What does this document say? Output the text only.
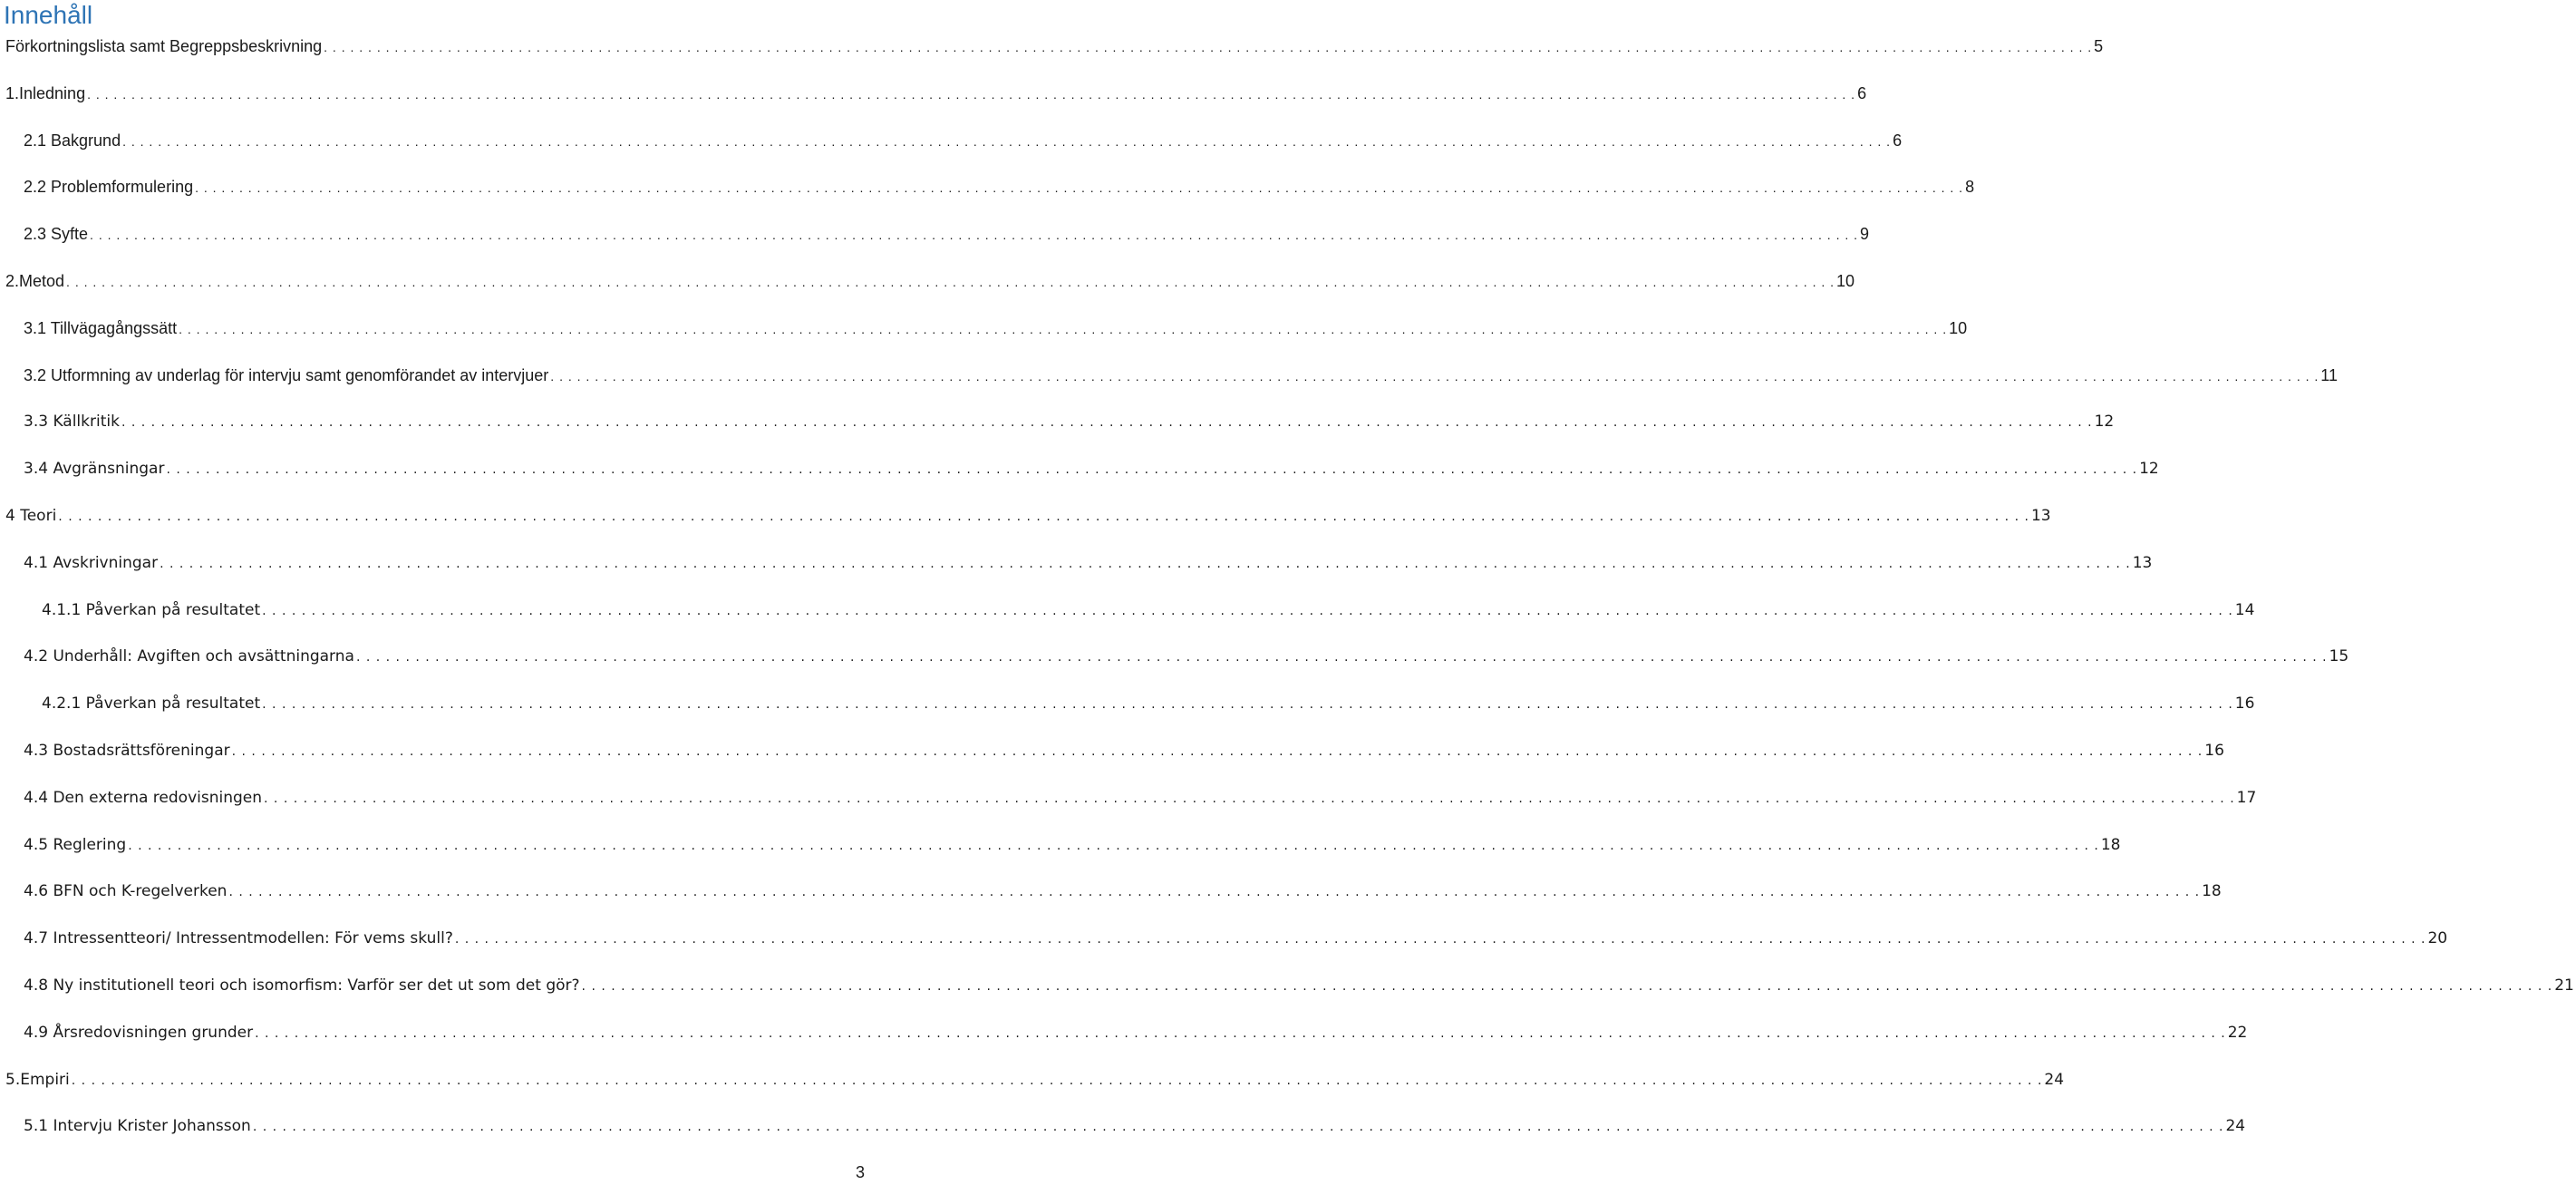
Innehåll
Förkortningslista samt Begreppsbeskrivning . . . . . . . . . . . . . . . . . . . . . . . . . . . . . . . . . . . . . . . . . . . . . . . . . . . . . . . . . . . . . . . . . . . . . . . . . . . . . . . . . . . . . . . . . . . . . . . . . . . . . . . . . . . . . . . . . . . . . . . . . . . . . . . . . . . . . . . . . . . . . . . . . . . . . . . . . . . . . . . . . . . . . . . . . . . . . . . . . . . . . . . . . . . . . . . . . . . . . . . . 5
1. Inledning . . . . . . . . . . . . . . . . . . . . . . . . . . . . . . . . . . . . . . . . . . . . . . . . . . . . . . . . . . . . . . . . . . . . . . . . . . . . . . . . . . . . . . . . . . . . . . . . . . . . . . . . . . . . . . . . . . . . . . . . . . . . . . . . . . . . . . . . . . . . . . . . . . . . . . . . . . . . . . . . . . . . . . . . . . . . . . . . . . . . . . . . . . . . . . . . . . . . . . . . 6
2.1 Bakgrund . . . . . . . . . . . . . . . . . . . . . . . . . . . . . . . . . . . . . . . . . . . . . . . . . . . . . . . . . . . . . . . . . . . . . . . . . . . . . . . . . . . . . . . . . . . . . . . . . . . . . . . . . . . . . . . . . . . . . . . . . . . . . . . . . . . . . . . . . . . . . . . . . . . . . . . . . . . . . . . . . . . . . . . . . . . . . . . . . . . . . . . . . . . . . . . . . . . . . . . . 6
2.2 Problemformulering . . . . . . . . . . . . . . . . . . . . . . . . . . . . . . . . . . . . . . . . . . . . . . . . . . . . . . . . . . . . . . . . . . . . . . . . . . . . . . . . . . . . . . . . . . . . . . . . . . . . . . . . . . . . . . . . . . . . . . . . . . . . . . . . . . . . . . . . . . . . . . . . . . . . . . . . . . . . . . . . . . . . . . . . . . . . . . . . . . . . . . . . . . . . . . . . . . . . . . . . 8
2.3 Syfte . . . . . . . . . . . . . . . . . . . . . . . . . . . . . . . . . . . . . . . . . . . . . . . . . . . . . . . . . . . . . . . . . . . . . . . . . . . . . . . . . . . . . . . . . . . . . . . . . . . . . . . . . . . . . . . . . . . . . . . . . . . . . . . . . . . . . . . . . . . . . . . . . . . . . . . . . . . . . . . . . . . . . . . . . . . . . . . . . . . . . . . . . . . . . . . . . . . . . . . . 9
2. Metod . . . . . . . . . . . . . . . . . . . . . . . . . . . . . . . . . . . . . . . . . . . . . . . . . . . . . . . . . . . . . . . . . . . . . . . . . . . . . . . . . . . . . . . . . . . . . . . . . . . . . . . . . . . . . . . . . . . . . . . . . . . . . . . . . . . . . . . . . . . . . . . . . . . . . . . . . . . . . . . . . . . . . . . . . . . . . . . . . . . . . . . . . . . . . . . . . . . . . . . . 10
3.1 Tillvägagångssätt . . . . . . . . . . . . . . . . . . . . . . . . . . . . . . . . . . . . . . . . . . . . . . . . . . . . . . . . . . . . . . . . . . . . . . . . . . . . . . . . . . . . . . . . . . . . . . . . . . . . . . . . . . . . . . . . . . . . . . . . . . . . . . . . . . . . . . . . . . . . . . . . . . . . . . . . . . . . . . . . . . . . . . . . . . . . . . . . . . . . . . . . . . . . . . . . . . . . . . . . 10
3.2 Utformning av underlag för intervju samt genomförandet av intervjuer . . . . . . . . . . . . . . . . . . . . . . . . . . . . . . . . . . . . . . . . . . . . . . . . . . . . . . . . . . . . . . . . . . . . . . . . . . . . . . . . . . . . . . . . . . . . . . . . . . . . . . . . . . . . . . . . . . . . . . . . . . . . . . . . . . . . . . . . . . . . . . . . . . . . . . . . . . . . . . . . . . . . . . . . . . . . . . . . . . . . . . . . . . . . . . . . . . . . . . . . 11
3.3 Källkritik . . . . . . . . . . . . . . . . . . . . . . . . . . . . . . . . . . . . . . . . . . . . . . . . . . . . . . . . . . . . . . . . . . . . . . . . . . . . . . . . . . . . . . . . . . . . . . . . . . . . . . . . . . . . . . . . . . . . . . . . . . . . . . . . . . . . . . . . . . . . . . . . . . . . . . . . . . . . . . . . . . . . . . . . . . . . . . . . . . . . . . . . . . . . . . . . . . . . . . . . 12
3.4 Avgränsningar . . . . . . . . . . . . . . . . . . . . . . . . . . . . . . . . . . . . . . . . . . . . . . . . . . . . . . . . . . . . . . . . . . . . . . . . . . . . . . . . . . . . . . . . . . . . . . . . . . . . . . . . . . . . . . . . . . . . . . . . . . . . . . . . . . . . . . . . . . . . . . . . . . . . . . . . . . . . . . . . . . . . . . . . . . . . . . . . . . . . . . . . . . . . . . . . . . . . . . . . 12
4 Teori . . . . . . . . . . . . . . . . . . . . . . . . . . . . . . . . . . . . . . . . . . . . . . . . . . . . . . . . . . . . . . . . . . . . . . . . . . . . . . . . . . . . . . . . . . . . . . . . . . . . . . . . . . . . . . . . . . . . . . . . . . . . . . . . . . . . . . . . . . . . . . . . . . . . . . . . . . . . . . . . . . . . . . . . . . . . . . . . . . . . . . . . . . . . . . . . . . . . . . . . 13
4.1 Avskrivningar . . . . . . . . . . . . . . . . . . . . . . . . . . . . . . . . . . . . . . . . . . . . . . . . . . . . . . . . . . . . . . . . . . . . . . . . . . . . . . . . . . . . . . . . . . . . . . . . . . . . . . . . . . . . . . . . . . . . . . . . . . . . . . . . . . . . . . . . . . . . . . . . . . . . . . . . . . . . . . . . . . . . . . . . . . . . . . . . . . . . . . . . . . . . . . . . . . . . . . . . 13
4.1.1 Påverkan på resultatet . . . . . . . . . . . . . . . . . . . . . . . . . . . . . . . . . . . . . . . . . . . . . . . . . . . . . . . . . . . . . . . . . . . . . . . . . . . . . . . . . . . . . . . . . . . . . . . . . . . . . . . . . . . . . . . . . . . . . . . . . . . . . . . . . . . . . . . . . . . . . . . . . . . . . . . . . . . . . . . . . . . . . . . . . . . . . . . . . . . . . . . . . . . . . . . . . . . . . . . . 14
4.2 Underhåll: Avgiften och avsättningarna . . . . . . . . . . . . . . . . . . . . . . . . . . . . . . . . . . . . . . . . . . . . . . . . . . . . . . . . . . . . . . . . . . . . . . . . . . . . . . . . . . . . . . . . . . . . . . . . . . . . . . . . . . . . . . . . . . . . . . . . . . . . . . . . . . . . . . . . . . . . . . . . . . . . . . . . . . . . . . . . . . . . . . . . . . . . . . . . . . . . . . . . . . . . . . . . . . . . . . . . 15
4.2.1 Påverkan på resultatet . . . . . . . . . . . . . . . . . . . . . . . . . . . . . . . . . . . . . . . . . . . . . . . . . . . . . . . . . . . . . . . . . . . . . . . . . . . . . . . . . . . . . . . . . . . . . . . . . . . . . . . . . . . . . . . . . . . . . . . . . . . . . . . . . . . . . . . . . . . . . . . . . . . . . . . . . . . . . . . . . . . . . . . . . . . . . . . . . . . . . . . . . . . . . . . . . . . . . . . . 16
4.3 Bostadsrättsföreningar . . . . . . . . . . . . . . . . . . . . . . . . . . . . . . . . . . . . . . . . . . . . . . . . . . . . . . . . . . . . . . . . . . . . . . . . . . . . . . . . . . . . . . . . . . . . . . . . . . . . . . . . . . . . . . . . . . . . . . . . . . . . . . . . . . . . . . . . . . . . . . . . . . . . . . . . . . . . . . . . . . . . . . . . . . . . . . . . . . . . . . . . . . . . . . . . . . . . . . . . 16
4.4 Den externa redovisningen . . . . . . . . . . . . . . . . . . . . . . . . . . . . . . . . . . . . . . . . . . . . . . . . . . . . . . . . . . . . . . . . . . . . . . . . . . . . . . . . . . . . . . . . . . . . . . . . . . . . . . . . . . . . . . . . . . . . . . . . . . . . . . . . . . . . . . . . . . . . . . . . . . . . . . . . . . . . . . . . . . . . . . . . . . . . . . . . . . . . . . . . . . . . . . . . . . . . . . . . 17
4.5 Reglering . . . . . . . . . . . . . . . . . . . . . . . . . . . . . . . . . . . . . . . . . . . . . . . . . . . . . . . . . . . . . . . . . . . . . . . . . . . . . . . . . . . . . . . . . . . . . . . . . . . . . . . . . . . . . . . . . . . . . . . . . . . . . . . . . . . . . . . . . . . . . . . . . . . . . . . . . . . . . . . . . . . . . . . . . . . . . . . . . . . . . . . . . . . . . . . . . . . . . . . . 18
4.6 BFN och K-regelverken . . . . . . . . . . . . . . . . . . . . . . . . . . . . . . . . . . . . . . . . . . . . . . . . . . . . . . . . . . . . . . . . . . . . . . . . . . . . . . . . . . . . . . . . . . . . . . . . . . . . . . . . . . . . . . . . . . . . . . . . . . . . . . . . . . . . . . . . . . . . . . . . . . . . . . . . . . . . . . . . . . . . . . . . . . . . . . . . . . . . . . . . . . . . . . . . . . . . . . . . 18
4.7 Intressentteori/ Intressentmodellen: För vems skull? . . . . . . . . . . . . . . . . . . . . . . . . . . . . . . . . . . . . . . . . . . . . . . . . . . . . . . . . . . . . . . . . . . . . . . . . . . . . . . . . . . . . . . . . . . . . . . . . . . . . . . . . . . . . . . . . . . . . . . . . . . . . . . . . . . . . . . . . . . . . . . . . . . . . . . . . . . . . . . . . . . . . . . . . . . . . . . . . . . . . . . . . . . . . . . . . . . . . . . . . 20
4.8 Ny institutionell teori och isomorfism: Varför ser det ut som det gör? . . . . . . . . . . . . . . . . . . . . . . . . . . . . . . . . . . . . . . . . . . . . . . . . . . . . . . . . . . . . . . . . . . . . . . . . . . . . . . . . . . . . . . . . . . . . . . . . . . . . . . . . . . . . . . . . . . . . . . . . . . . . . . . . . . . . . . . . . . . . . . . . . . . . . . . . . . . . . . . . . . . . . . . . . . . . . . . . . . . . . . . . . . . . . . . . . . . . . . . . 21
4.9 Årsredovisningen grunder . . . . . . . . . . . . . . . . . . . . . . . . . . . . . . . . . . . . . . . . . . . . . . . . . . . . . . . . . . . . . . . . . . . . . . . . . . . . . . . . . . . . . . . . . . . . . . . . . . . . . . . . . . . . . . . . . . . . . . . . . . . . . . . . . . . . . . . . . . . . . . . . . . . . . . . . . . . . . . . . . . . . . . . . . . . . . . . . . . . . . . . . . . . . . . . . . . . . . . . . 22
5. Empiri . . . . . . . . . . . . . . . . . . . . . . . . . . . . . . . . . . . . . . . . . . . . . . . . . . . . . . . . . . . . . . . . . . . . . . . . . . . . . . . . . . . . . . . . . . . . . . . . . . . . . . . . . . . . . . . . . . . . . . . . . . . . . . . . . . . . . . . . . . . . . . . . . . . . . . . . . . . . . . . . . . . . . . . . . . . . . . . . . . . . . . . . . . . . . . . . . . . . . . . . 24
5.1 Intervju Krister Johansson . . . . . . . . . . . . . . . . . . . . . . . . . . . . . . . . . . . . . . . . . . . . . . . . . . . . . . . . . . . . . . . . . . . . . . . . . . . . . . . . . . . . . . . . . . . . . . . . . . . . . . . . . . . . . . . . . . . . . . . . . . . . . . . . . . . . . . . . . . . . . . . . . . . . . . . . . . . . . . . . . . . . . . . . . . . . . . . . . . . . . . . . . . . . . . . . . . . . . . . . 24
3
